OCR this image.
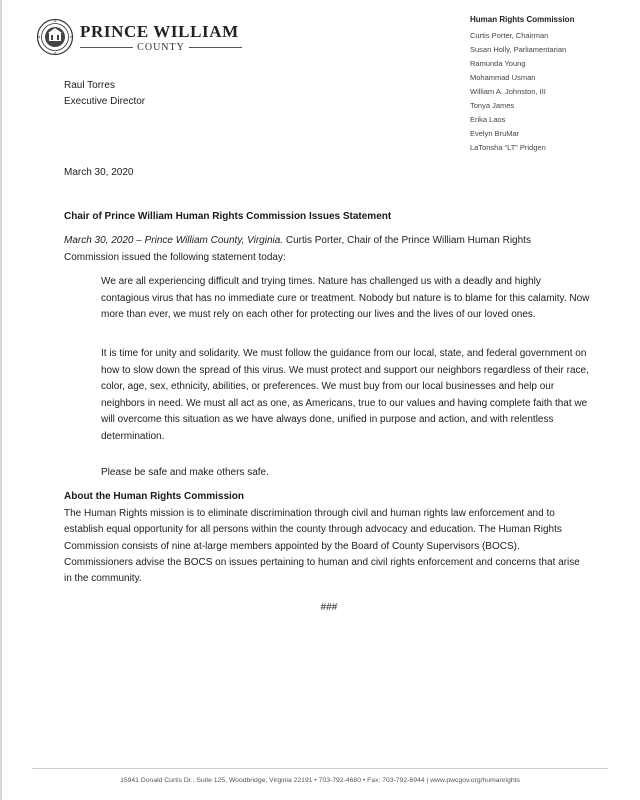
PRINCE WILLIAM
COUNTY
Human Rights Commission
Curtis Porter, Chairman
Susan Holly, Parliamentarian
Ramunda Young
Mohammad Usman
William A. Johnston, III
Tonya James
Erika Laos
Evelyn BruMar
LaTonsha “LT” Pridgen
Raul Torres
Executive Director
March 30, 2020
Chair of Prince William Human Rights Commission Issues Statement
March 30, 2020 – Prince William County, Virginia. Curtis Porter, Chair of the Prince William Human Rights Commission issued the following statement today:
We are all experiencing difficult and trying times. Nature has challenged us with a deadly and highly contagious virus that has no immediate cure or treatment. Nobody but nature is to blame for this calamity. Now more than ever, we must rely on each other for protecting our lives and the lives of our loved ones.
It is time for unity and solidarity. We must follow the guidance from our local, state, and federal government on how to slow down the spread of this virus. We must protect and support our neighbors regardless of their race, color, age, sex, ethnicity, abilities, or preferences. We must buy from our local businesses and help our neighbors in need. We must all act as one, as Americans, true to our values and having complete faith that we will overcome this situation as we have always done, unified in purpose and action, and with relentless determination.
Please be safe and make others safe.
About the Human Rights Commission
The Human Rights mission is to eliminate discrimination through civil and human rights law enforcement and to establish equal opportunity for all persons within the county through advocacy and education. The Human Rights Commission consists of nine at-large members appointed by the Board of County Supervisors (BOCS). Commissioners advise the BOCS on issues pertaining to human and civil rights enforcement and concerns that arise in the community.
###
15941 Donald Curtis Dr., Suite 125, Woodbridge, Virginia 22191 • 703-792-4680 • Fax: 703-792-6944 | www.pwcgov.org/humanrights
